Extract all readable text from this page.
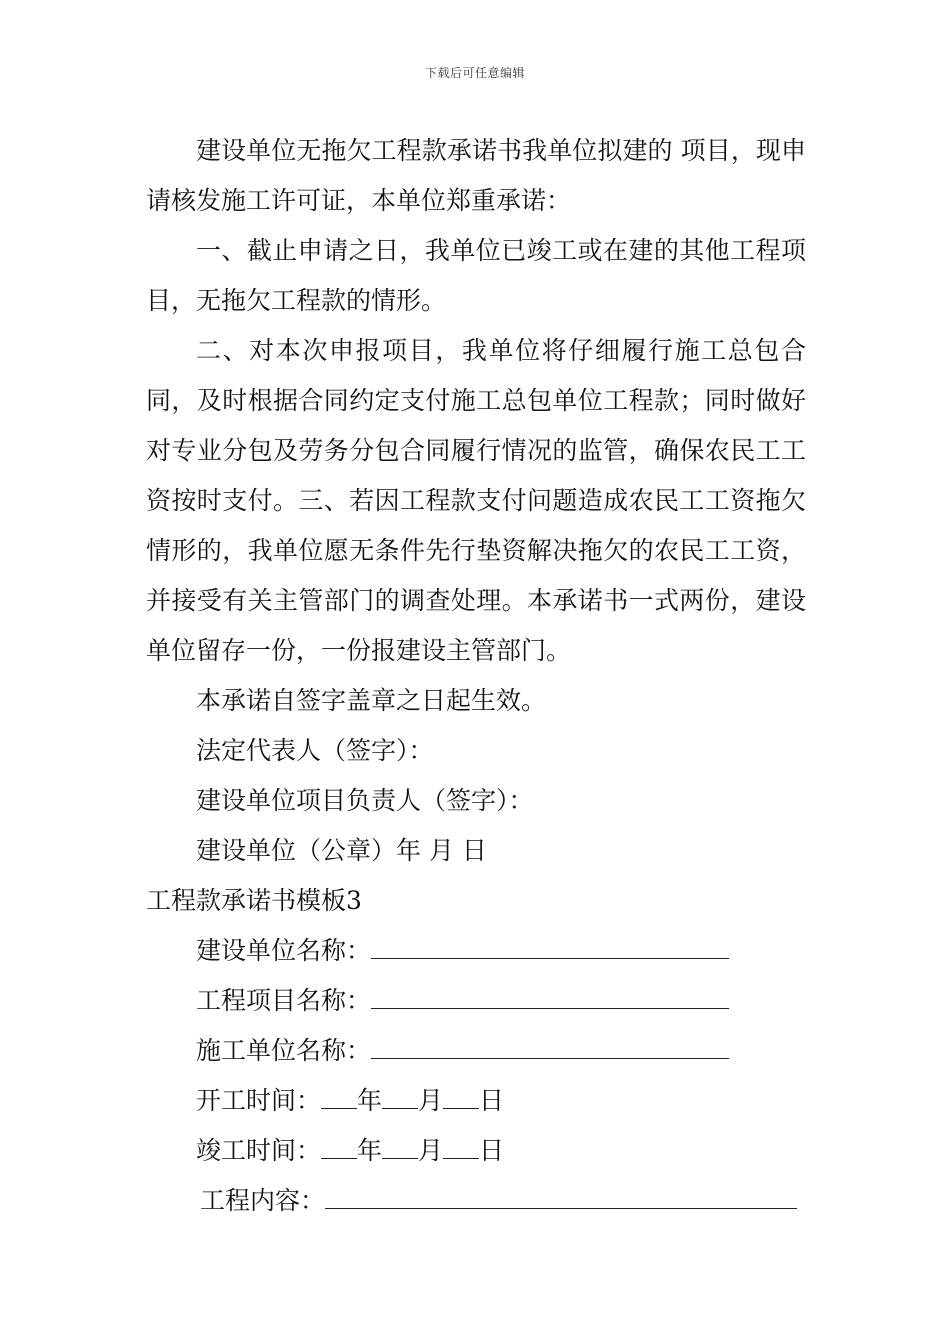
下载后可任意编辑

建设单位无拖欠工程款承诺书我单位拟建的 项目，现申请核发施工许可证，本单位郑重承诺：

一、截止申请之日，我单位已竣工或在建的其他工程项目，无拖欠工程款的情形。

二、对本次申报项目，我单位将仔细履行施工总包合同，及时根据合同约定支付施工总包单位工程款；同时做好对专业分包及劳务分包合同履行情况的监管，确保农民工工资按时支付。三、若因工程款支付问题造成农民工工资拖欠情形的，我单位愿无条件先行垫资解决拖欠的农民工工资，并接受有关主管部门的调查处理。本承诺书一式两份，建设单位留存一份，一份报建设主管部门。

本承诺自签字盖章之日起生效。

法定代表人（签字）：

建设单位项目负责人（签字）：

建设单位（公章）年 月 日

工程款承诺书模板3

建设单位名称：

工程项目名称：

施工单位名称：

开工时间： 年 月 日

竣工时间： 年 月 日

工程内容：
